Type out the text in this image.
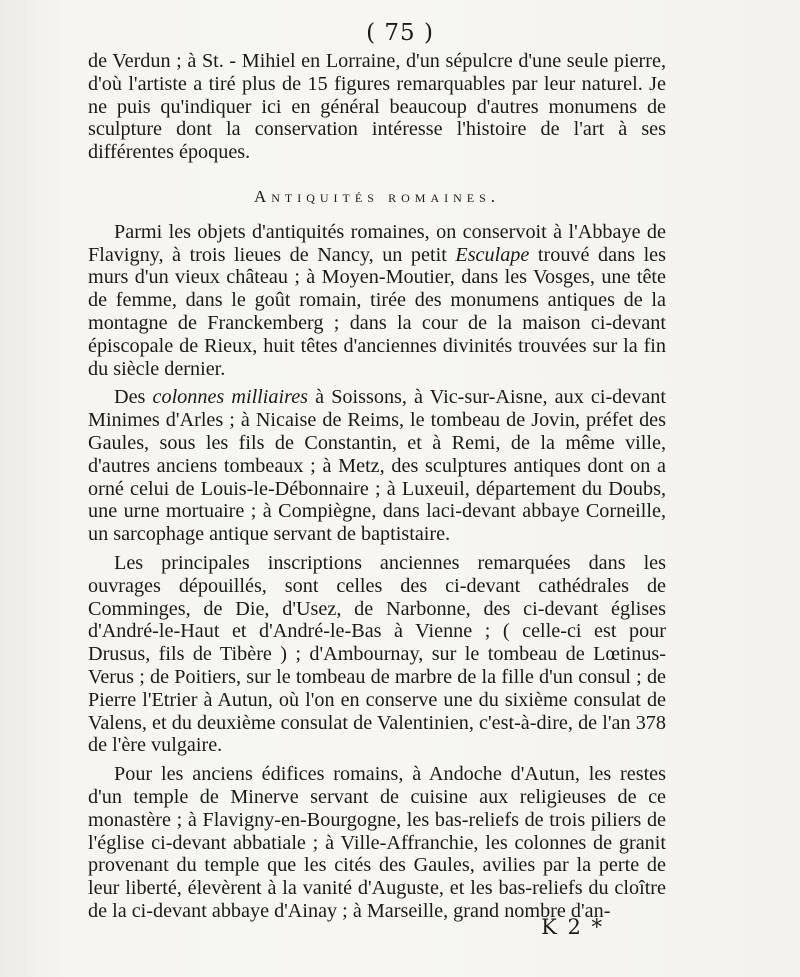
( 75 )

de Verdun ; à St. - Mihiel en Lorraine, d'un sépulcre d'une seule pierre, d'où l'artiste a tiré plus de 15 figures remarquables par leur naturel. Je ne puis qu'indiquer ici en général beaucoup d'autres monumens de sculpture dont la conservation intéresse l'histoire de l'art à ses différentes époques.

Antiquités romaines.

Parmi les objets d'antiquités romaines, on conservoit à l'Abbaye de Flavigny, à trois lieues de Nancy, un petit Esculape trouvé dans les murs d'un vieux château ; à Moyen-Moutier, dans les Vosges, une tête de femme, dans le goût romain, tirée des monumens antiques de la montagne de Franckemberg ; dans la cour de la maison ci-devant épiscopale de Rieux, huit têtes d'anciennes divinités trouvées sur la fin du siècle dernier.

Des colonnes milliaires à Soissons, à Vic-sur-Aisne, aux ci-devant Minimes d'Arles ; à Nicaise de Reims, le tombeau de Jovin, préfet des Gaules, sous les fils de Constantin, et à Remi, de la même ville, d'autres anciens tombeaux ; à Metz, des sculptures antiques dont on a orné celui de Louis-le-Débonnaire ; à Luxeuil, département du Doubs, une urne mortuaire ; à Compiègne, dans laci-devant abbaye Corneille, un sarcophage antique servant de baptistaire.

Les principales inscriptions anciennes remarquées dans les ouvrages dépouillés, sont celles des ci-devant cathédrales de Comminges, de Die, d'Usez, de Narbonne, des ci-devant églises d'André-le-Haut et d'André-le-Bas à Vienne ; ( celle-ci est pour Drusus, fils de Tibère ) ; d'Ambournay, sur le tombeau de Lœtinus-Verus ; de Poitiers, sur le tombeau de marbre de la fille d'un consul ; de Pierre l'Etrier à Autun, où l'on en conserve une du sixième consulat de Valens, et du deuxième consulat de Valentinien, c'est-à-dire, de l'an 378 de l'ère vulgaire.

Pour les anciens édifices romains, à Andoche d'Autun, les restes d'un temple de Minerve servant de cuisine aux religieuses de ce monastère ; à Flavigny-en-Bourgogne, les bas-reliefs de trois piliers de l'église ci-devant abbatiale ; à Ville-Affranchie, les colonnes de granit provenant du temple que les cités des Gaules, avilies par la perte de leur liberté, élevèrent à la vanité d'Auguste, et les bas-reliefs du cloître de la ci-devant abbaye d'Ainay ; à Marseille, grand nombre d'an-

K 2 *
